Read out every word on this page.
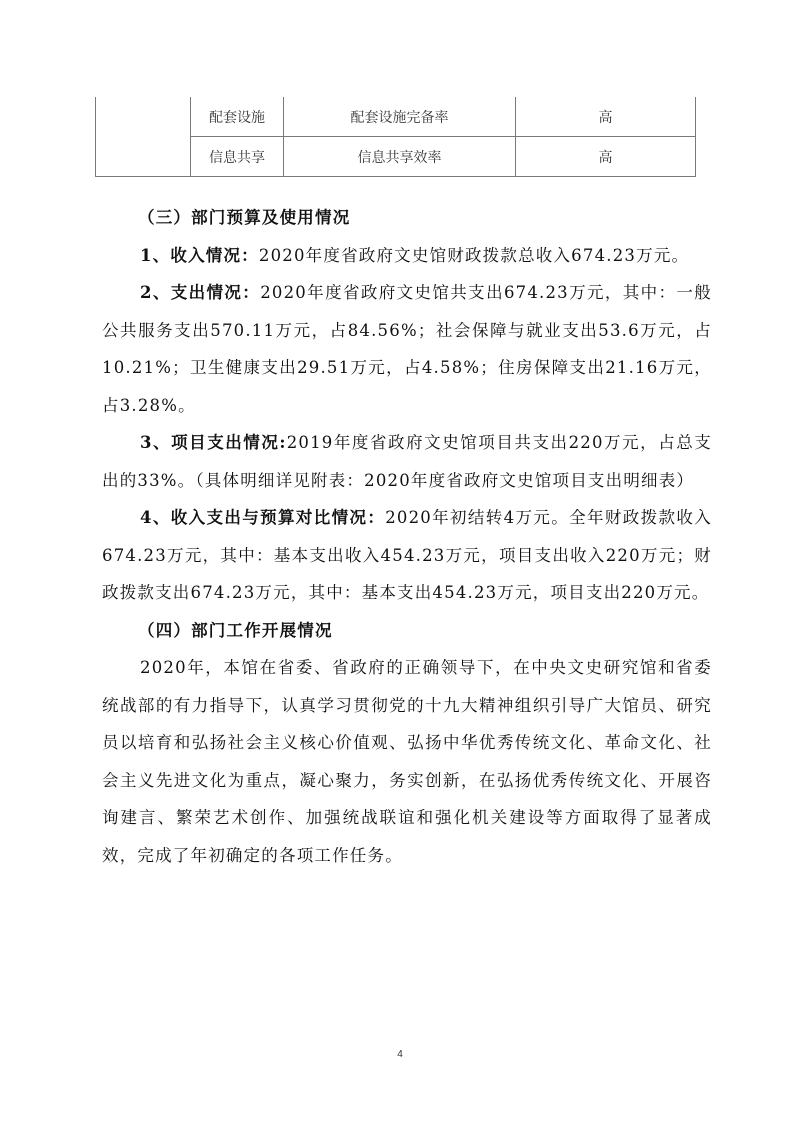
	配套设施	配套设施完备率	高
	信息共享	信息共享效率	高

（三）部门预算及使用情况

1、收入情况：2020年度省政府文史馆财政拨款总收入674.23万元。

2、支出情况：2020年度省政府文史馆共支出674.23万元，其中：一般公共服务支出570.11万元，占84.56%；社会保障与就业支出53.6万元，占10.21%；卫生健康支出29.51万元，占4.58%；住房保障支出21.16万元，占3.28%。

3、项目支出情况:2019年度省政府文史馆项目共支出220万元，占总支出的33%。（具体明细详见附表：2020年度省政府文史馆项目支出明细表）

4、收入支出与预算对比情况：2020年初结转4万元。全年财政拨款收入674.23万元，其中：基本支出收入454.23万元，项目支出收入220万元；财政拨款支出674.23万元，其中：基本支出454.23万元，项目支出220万元。

（四）部门工作开展情况

2020年，本馆在省委、省政府的正确领导下，在中央文史研究馆和省委统战部的有力指导下，认真学习贯彻党的十九大精神组织引导广大馆员、研究员以培育和弘扬社会主义核心价值观、弘扬中华优秀传统文化、革命文化、社会主义先进文化为重点，凝心聚力，务实创新，在弘扬优秀传统文化、开展咨询建言、繁荣艺术创作、加强统战联谊和强化机关建设等方面取得了显著成效，完成了年初确定的各项工作任务。

4
